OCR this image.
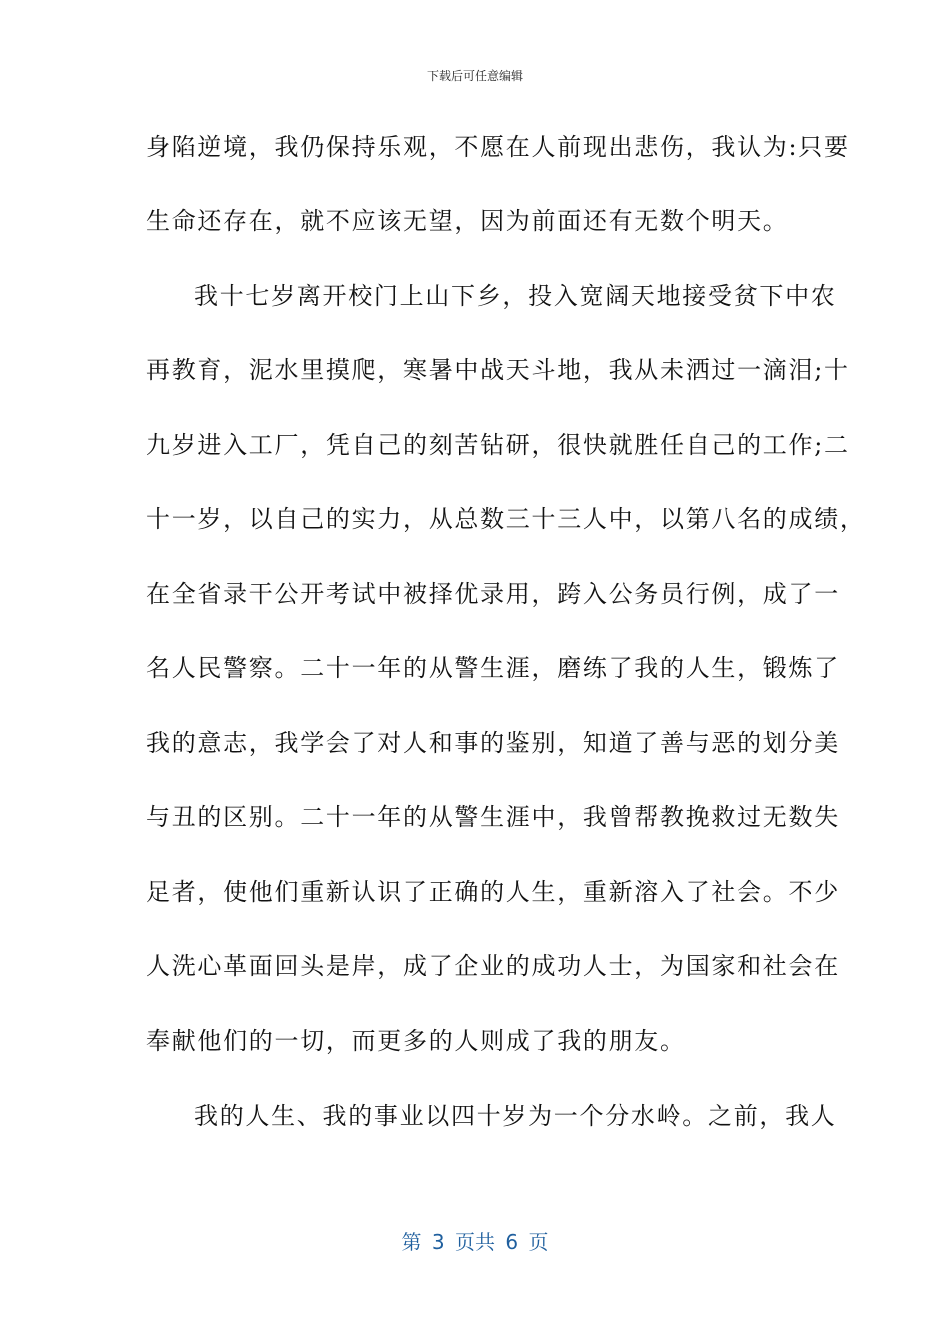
下载后可任意编辑
身陷逆境，我仍保持乐观，不愿在人前现出悲伤，我认为:只要
生命还存在，就不应该无望，因为前面还有无数个明天。
我十七岁离开校门上山下乡，投入宽阔天地接受贫下中农
再教育，泥水里摸爬，寒暑中战天斗地，我从未洒过一滴泪;十
九岁进入工厂，凭自己的刻苦钻研，很快就胜任自己的工作;二
十一岁，以自己的实力，从总数三十三人中，以第八名的成绩，
在全省录干公开考试中被择优录用，跨入公务员行例，成了一
名人民警察。二十一年的从警生涯，磨练了我的人生，锻炼了
我的意志，我学会了对人和事的鉴别，知道了善与恶的划分美
与丑的区别。二十一年的从警生涯中，我曾帮教挽救过无数失
足者，使他们重新认识了正确的人生，重新溶入了社会。不少
人洗心革面回头是岸，成了企业的成功人士，为国家和社会在
奉献他们的一切，而更多的人则成了我的朋友。
我的人生、我的事业以四十岁为一个分水岭。之前，我人
第 3 页共 6 页
